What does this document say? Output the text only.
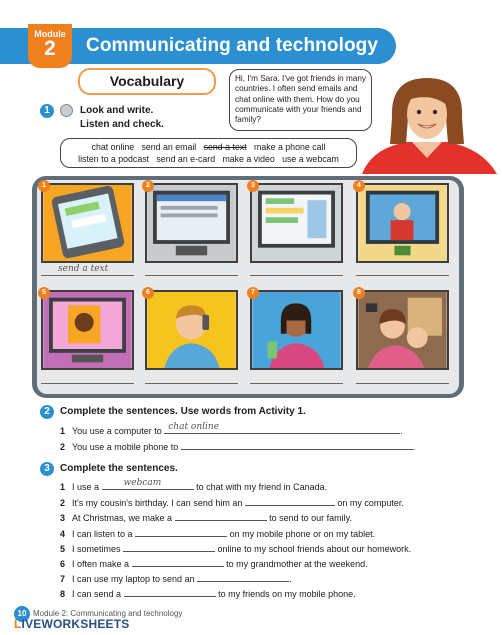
Communicating and technology
Module
2
Vocabulary	Hi, I'm Sara. I've got friends in many countries. I often send emails and chat online with them. How do you communicate with your friends and family?
1	Look and write.
Listen and check.
chat online send an email send a text make a phone call
listen to a podcast send an e-card make a video use a webcam
1	2	3	4
send a text
5	6	7	8
2	Complete the sentences. Use words from Activity 1.
1 You use a computer to chat online	.
2 You use a mobile phone to	.
3	Complete the sentences.
1 I use a	webcam	to chat with my friend in Canada.
2 It's my cousin's birthday. I can send him an	on my computer.
3 At Christmas, we make a	to send to our family.
4 I can listen to a	on my mobile phone or on my tablet.
5 I sometimes	online to my school friends about our homework.
6 I often make a	to my grandmother at the weekend.
7 I can use my laptop to send an	.
8 I can send a	to my friends on my mobile phone.
10 Module 2: Communicating and technology
LIVEWORKSHEETS
